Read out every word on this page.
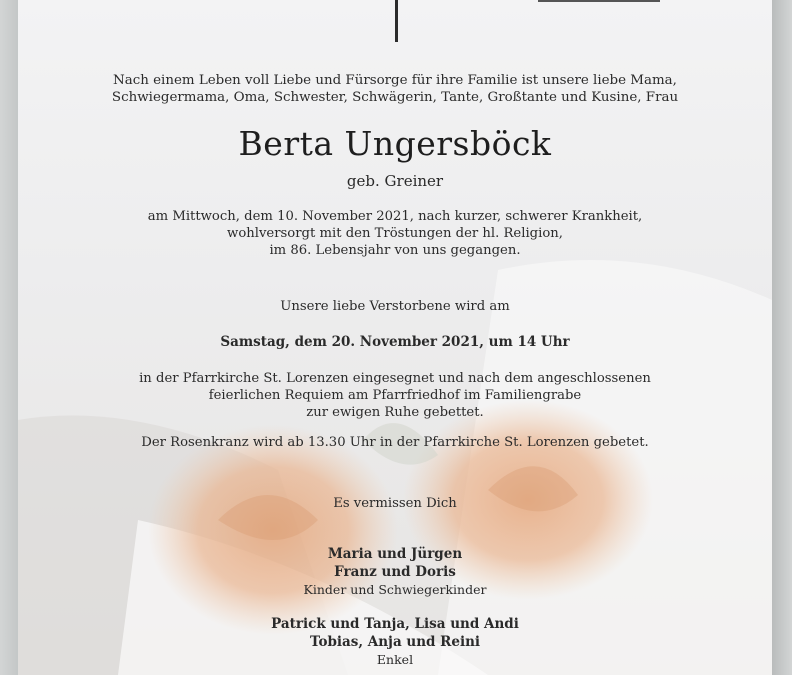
Nach einem Leben voll Liebe und Fürsorge für ihre Familie ist unsere liebe Mama,
Schwiegermama, Oma, Schwester, Schwägerin, Tante, Großtante und Kusine, Frau
Berta Ungersböck
geb. Greiner
am Mittwoch, dem 10. November 2021, nach kurzer, schwerer Krankheit,
wohlversorgt mit den Tröstungen der hl. Religion,
im 86. Lebensjahr von uns gegangen.
Unsere liebe Verstorbene wird am
Samstag, dem 20. November 2021, um 14 Uhr
in der Pfarrkirche St. Lorenzen eingesegnet und nach dem angeschlossenen
feierlichen Requiem am Pfarrfriedhof im Familiengrabe
zur ewigen Ruhe gebettet.
Der Rosenkranz wird ab 13.30 Uhr in der Pfarrkirche St. Lorenzen gebetet.
Es vermissen Dich
Maria und Jürgen
Franz und Doris
Kinder und Schwiegerkinder
Patrick und Tanja, Lisa und Andi
Tobias, Anja und Reini
Enkel
